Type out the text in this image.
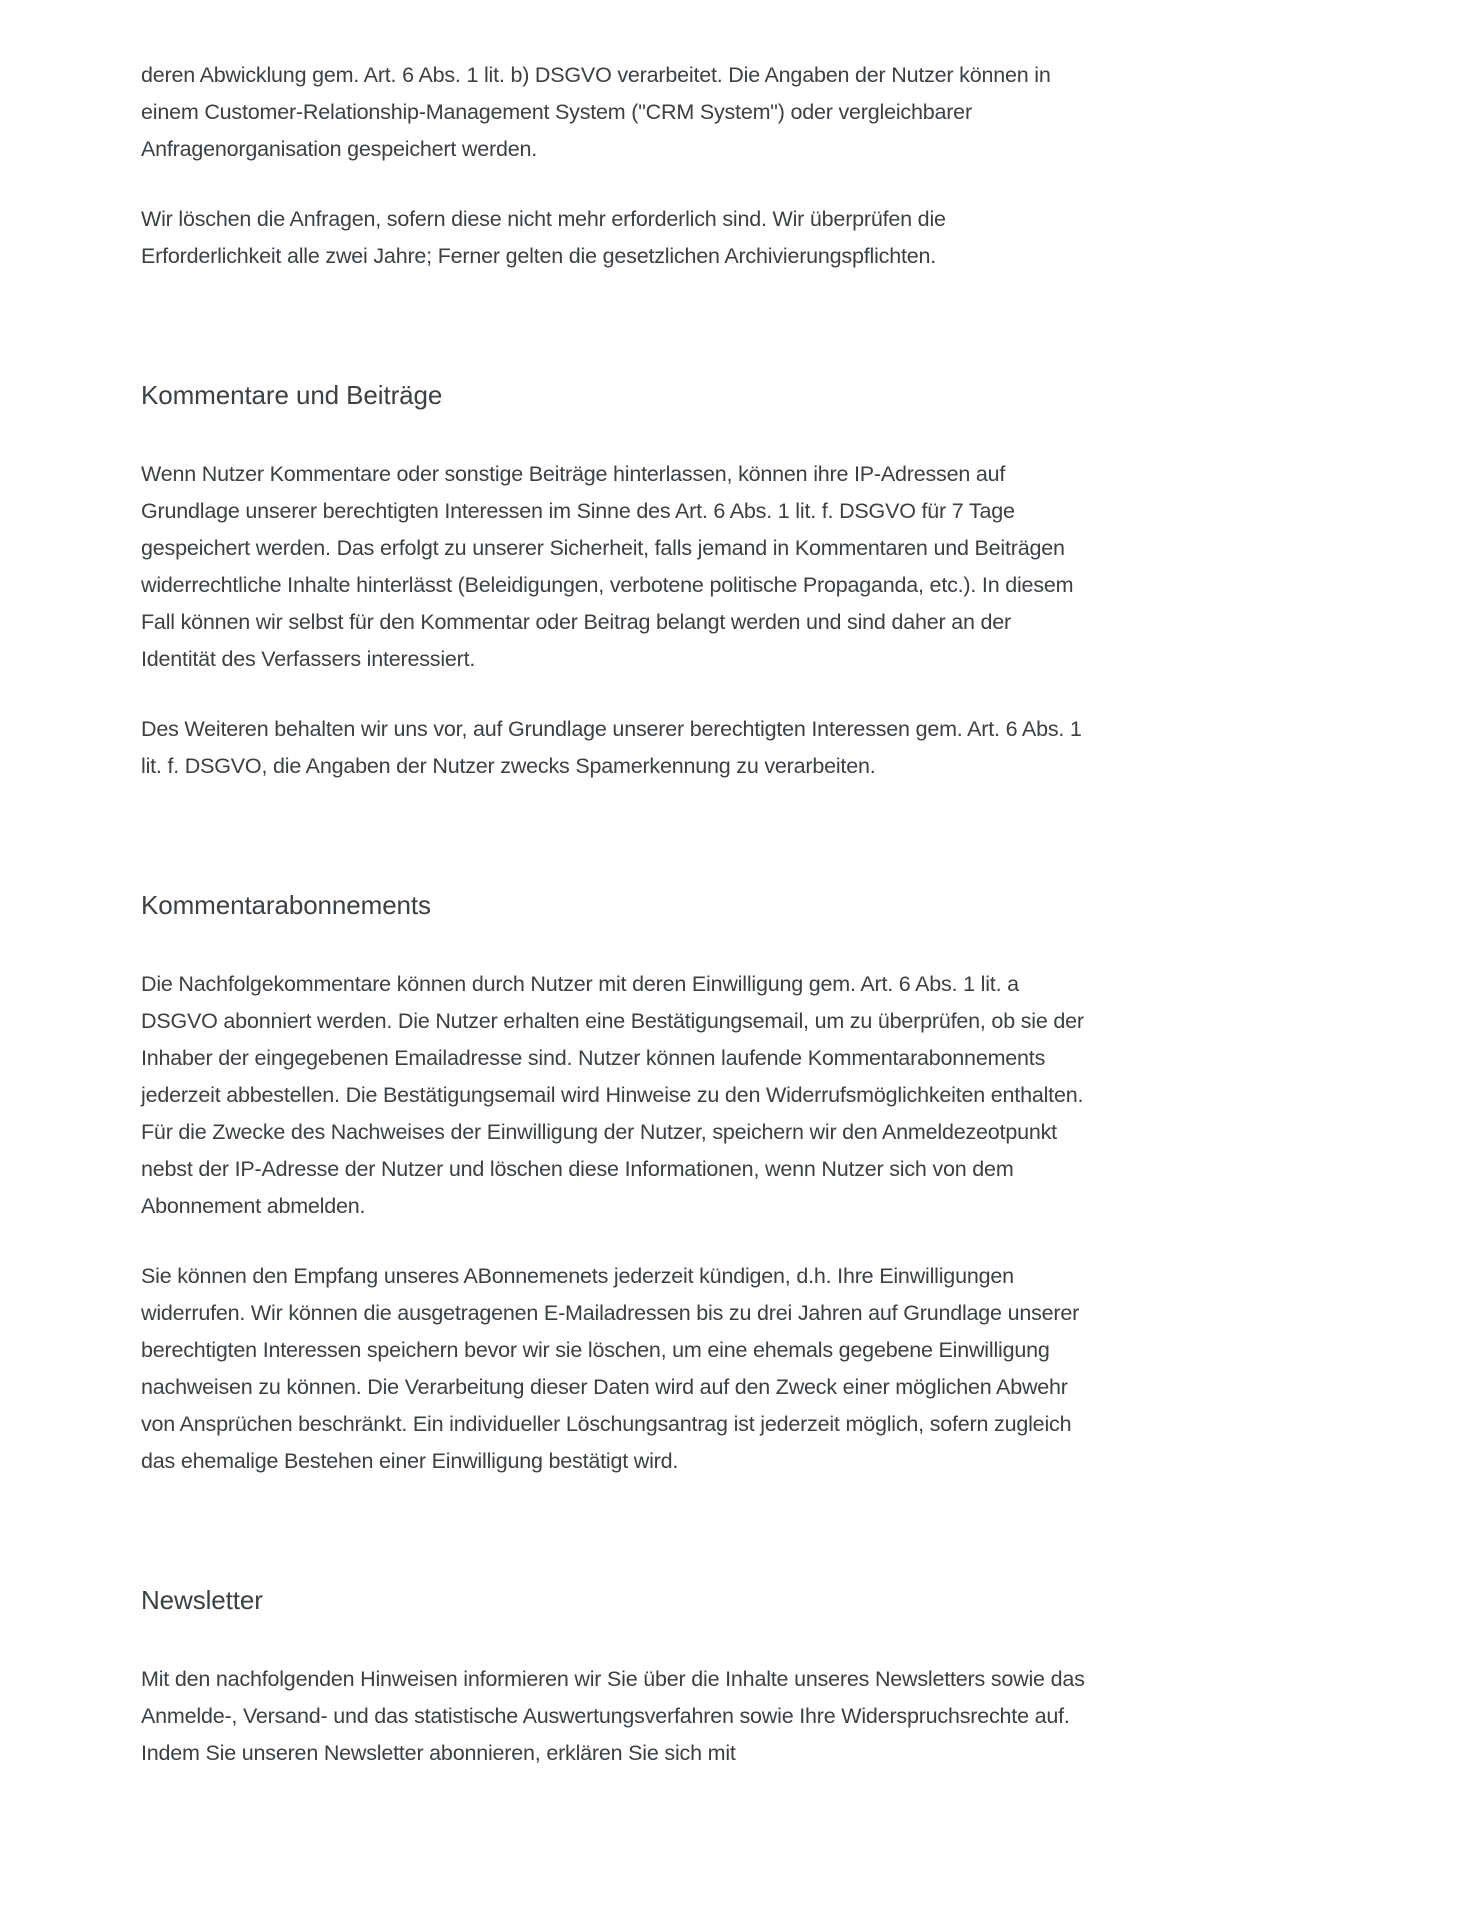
deren Abwicklung gem. Art. 6 Abs. 1 lit. b) DSGVO verarbeitet. Die Angaben der Nutzer können in einem Customer-Relationship-Management System ("CRM System") oder vergleichbarer Anfragenorganisation gespeichert werden.

Wir löschen die Anfragen, sofern diese nicht mehr erforderlich sind. Wir überprüfen die Erforderlichkeit alle zwei Jahre; Ferner gelten die gesetzlichen Archivierungspflichten.

Kommentare und Beiträge

Wenn Nutzer Kommentare oder sonstige Beiträge hinterlassen, können ihre IP-Adressen auf Grundlage unserer berechtigten Interessen im Sinne des Art. 6 Abs. 1 lit. f. DSGVO für 7 Tage gespeichert werden. Das erfolgt zu unserer Sicherheit, falls jemand in Kommentaren und Beiträgen widerrechtliche Inhalte hinterlässt (Beleidigungen, verbotene politische Propaganda, etc.). In diesem Fall können wir selbst für den Kommentar oder Beitrag belangt werden und sind daher an der Identität des Verfassers interessiert.

Des Weiteren behalten wir uns vor, auf Grundlage unserer berechtigten Interessen gem. Art. 6 Abs. 1 lit. f. DSGVO, die Angaben der Nutzer zwecks Spamerkennung zu verarbeiten.

Kommentarabonnements

Die Nachfolgekommentare können durch Nutzer mit deren Einwilligung gem. Art. 6 Abs. 1 lit. a DSGVO abonniert werden. Die Nutzer erhalten eine Bestätigungsemail, um zu überprüfen, ob sie der Inhaber der eingegebenen Emailadresse sind. Nutzer können laufende Kommentarabonnements jederzeit abbestellen. Die Bestätigungsemail wird Hinweise zu den Widerrufsmöglichkeiten enthalten. Für die Zwecke des Nachweises der Einwilligung der Nutzer, speichern wir den Anmeldezeotpunkt nebst der IP-Adresse der Nutzer und löschen diese Informationen, wenn Nutzer sich von dem Abonnement abmelden.

Sie können den Empfang unseres ABonnemenets jederzeit kündigen, d.h. Ihre Einwilligungen widerrufen. Wir können die ausgetragenen E-Mailadressen bis zu drei Jahren auf Grundlage unserer berechtigten Interessen speichern bevor wir sie löschen, um eine ehemals gegebene Einwilligung nachweisen zu können. Die Verarbeitung dieser Daten wird auf den Zweck einer möglichen Abwehr von Ansprüchen beschränkt. Ein individueller Löschungsantrag ist jederzeit möglich, sofern zugleich das ehemalige Bestehen einer Einwilligung bestätigt wird.

Newsletter

Mit den nachfolgenden Hinweisen informieren wir Sie über die Inhalte unseres Newsletters sowie das Anmelde-, Versand- und das statistische Auswertungsverfahren sowie Ihre Widerspruchsrechte auf. Indem Sie unseren Newsletter abonnieren, erklären Sie sich mit
